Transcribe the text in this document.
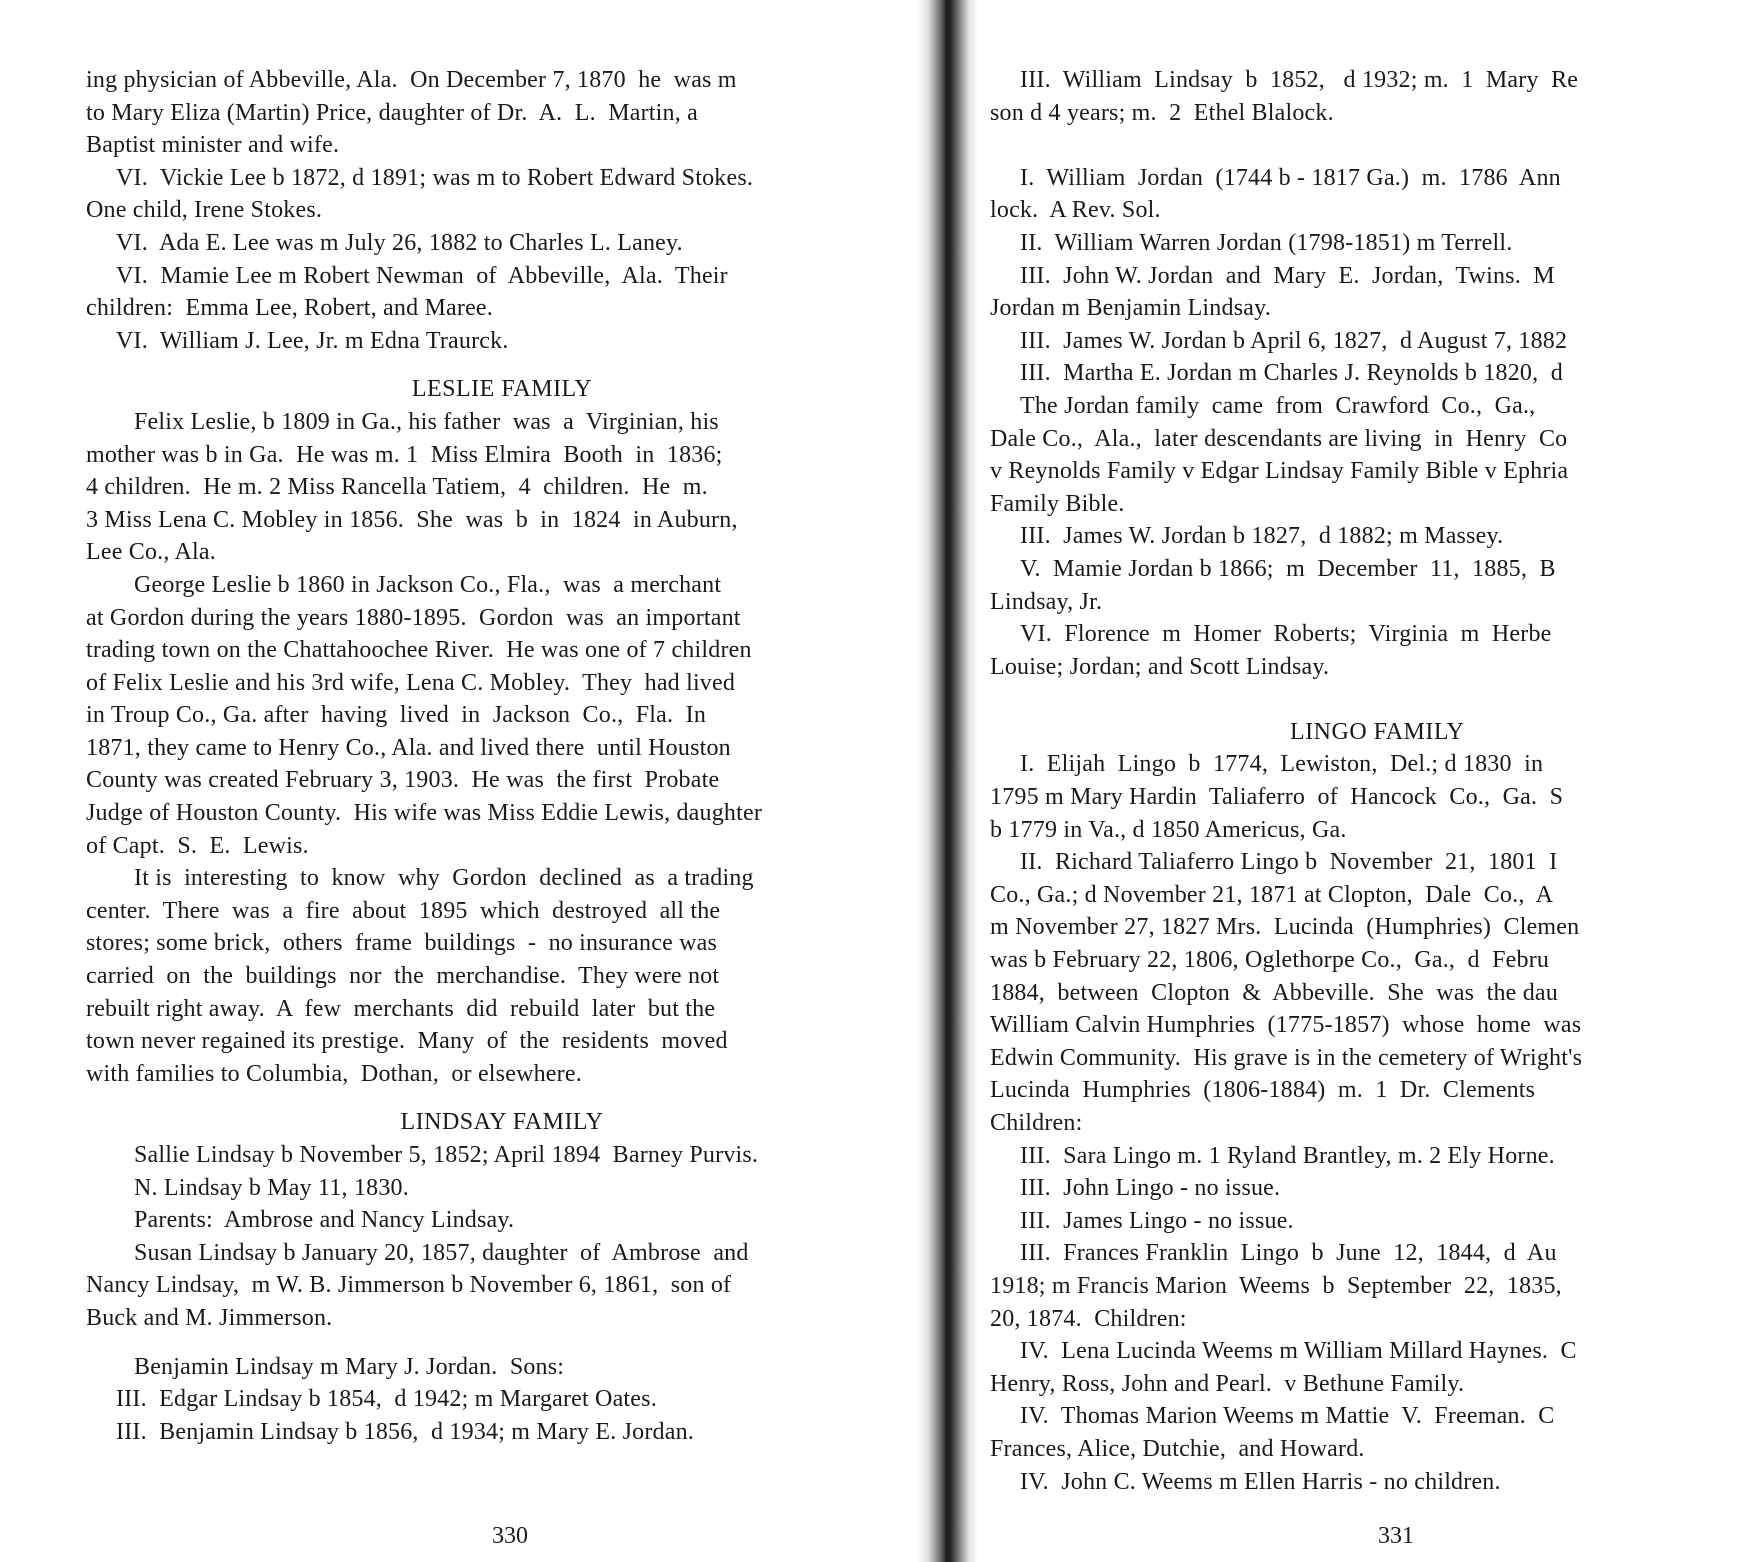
ing physician of Abbeville, Ala.  On December 7, 1870  he  was m
to Mary Eliza (Martin) Price, daughter of Dr.  A.  L.  Martin, a
Baptist minister and wife.
VI.  Vickie Lee b 1872, d 1891; was m to Robert Edward Stokes.
One child, Irene Stokes.
VI.  Ada E. Lee was m July 26, 1882 to Charles L. Laney.
VI.  Mamie Lee m Robert Newman  of  Abbeville,  Ala.  Their
children:  Emma Lee, Robert, and Maree.
VI.  William J. Lee, Jr. m Edna Traurck.
LESLIE FAMILY
Felix Leslie, b 1809 in Ga., his father  was  a  Virginian, his
mother was b in Ga.  He was m. 1  Miss Elmira  Booth  in  1836;
4 children.  He m. 2 Miss Rancella Tatiem,  4  children.  He  m.
3 Miss Lena C. Mobley in 1856.  She  was  b  in  1824  in Auburn,
Lee Co., Ala.
George Leslie b 1860 in Jackson Co., Fla.,  was  a merchant
at Gordon during the years 1880-1895.  Gordon  was  an important
trading town on the Chattahoochee River.  He was one of 7 children
of Felix Leslie and his 3rd wife, Lena C. Mobley.  They  had lived
in Troup Co., Ga. after  having  lived  in  Jackson  Co.,  Fla.  In
1871, they came to Henry Co., Ala. and lived there  until Houston
County was created February 3, 1903.  He was  the first  Probate
Judge of Houston County.  His wife was Miss Eddie Lewis, daughter
of Capt.  S.  E.  Lewis.
It is  interesting  to  know  why  Gordon  declined  as  a trading
center.  There  was  a  fire  about  1895  which  destroyed  all the
stores; some brick,  others  frame  buildings  -  no insurance was
carried  on  the  buildings  nor  the  merchandise.  They were not
rebuilt right away.  A  few  merchants  did  rebuild  later  but the
town never regained its prestige.  Many  of  the  residents  moved
with families to Columbia,  Dothan,  or elsewhere.
LINDSAY FAMILY
Sallie Lindsay b November 5, 1852; April 1894  Barney Purvis.
N. Lindsay b May 11, 1830.
Parents:  Ambrose and Nancy Lindsay.
Susan Lindsay b January 20, 1857, daughter  of  Ambrose  and
Nancy Lindsay,  m W. B. Jimmerson b November 6, 1861,  son of
Buck and M. Jimmerson.
Benjamin Lindsay m Mary J. Jordan.  Sons:
III.  Edgar Lindsay b 1854,  d 1942; m Margaret Oates.
III.  Benjamin Lindsay b 1856,  d 1934; m Mary E. Jordan.
330
III.  William  Lindsay  b  1852,   d 1932; m.  1  Mary  Re
son d 4 years; m.  2  Ethel Blalock.
I.  William  Jordan  (1744 b - 1817 Ga.)  m.  1786  Ann
lock.  A Rev. Sol.
II.  William Warren Jordan (1798-1851) m Terrell.
III.  John W. Jordan  and  Mary  E.  Jordan,  Twins.  M
Jordan m Benjamin Lindsay.
III.  James W. Jordan b April 6, 1827,  d August 7, 1882
III.  Martha E. Jordan m Charles J. Reynolds b 1820,  d
The Jordan family  came  from  Crawford  Co.,  Ga.,
Dale Co.,  Ala.,  later descendants are living  in  Henry  Co
v Reynolds Family v Edgar Lindsay Family Bible v Ephria
Family Bible.
III.  James W. Jordan b 1827,  d 1882; m Massey.
V.  Mamie Jordan b 1866;  m  December  11,  1885,  B
Lindsay, Jr.
VI.  Florence  m  Homer  Roberts;  Virginia  m  Herbe
Louise; Jordan; and Scott Lindsay.
LINGO FAMILY
I.  Elijah  Lingo  b  1774,  Lewiston,  Del.; d 1830  in
1795 m Mary Hardin  Taliaferro  of  Hancock  Co.,  Ga.  S
b 1779 in Va., d 1850 Americus, Ga.
II.  Richard Taliaferro Lingo b  November  21,  1801  I
Co., Ga.; d November 21, 1871 at Clopton,  Dale  Co.,  A
m November 27, 1827 Mrs.  Lucinda  (Humphries)  Clemen
was b February 22, 1806, Oglethorpe Co.,  Ga.,  d  Febru
1884,  between  Clopton  &  Abbeville.  She  was  the dau
William Calvin Humphries  (1775-1857)  whose  home  was
Edwin Community.  His grave is in the cemetery of Wright's
Lucinda  Humphries  (1806-1884)  m.  1  Dr.  Clements
Children:
III.  Sara Lingo m. 1 Ryland Brantley, m. 2 Ely Horne.
III.  John Lingo - no issue.
III.  James Lingo - no issue.
III.  Frances Franklin  Lingo  b  June  12,  1844,  d  Au
1918; m Francis Marion  Weems  b  September  22,  1835,
20, 1874.  Children:
IV.  Lena Lucinda Weems m William Millard Haynes.  C
Henry, Ross, John and Pearl.  v Bethune Family.
IV.  Thomas Marion Weems m Mattie  V.  Freeman.  C
Frances, Alice, Dutchie,  and Howard.
IV.  John C. Weems m Ellen Harris - no children.
331
